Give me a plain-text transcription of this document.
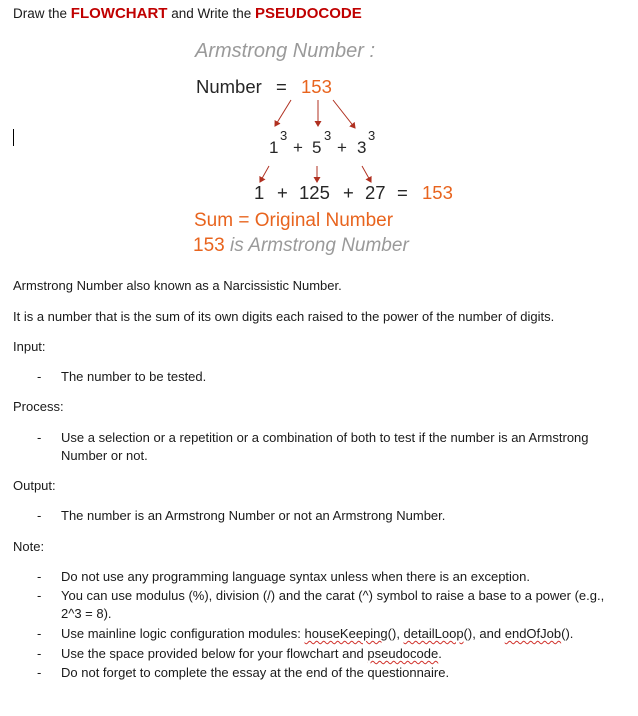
Draw the FLOWCHART and Write the PSEUDOCODE
Armstrong Number :
Number = 153
1
3
+ 5
3
+ 3
3
1 + 125 + 27 = 153
Sum = Original Number
153 is Armstrong Number
Armstrong Number also known as a Narcissistic Number.
It is a number that is the sum of its own digits each raised to the power of the number of digits.
Input:
- The number to be tested.
Process:
- Use a selection or a repetition or a combination of both to test if the number is an Armstrong Number or not.
Output:
- The number is an Armstrong Number or not an Armstrong Number.
Note:
- Do not use any programming language syntax unless when there is an exception.
- You can use modulus (%), division (/) and the carat (^) symbol to raise a base to a power (e.g., 2^3 = 8).
- Use mainline logic configuration modules: houseKeeping(), detailLoop(), and endOfJob().
- Use the space provided below for your flowchart and pseudocode.
- Do not forget to complete the essay at the end of the questionnaire.
